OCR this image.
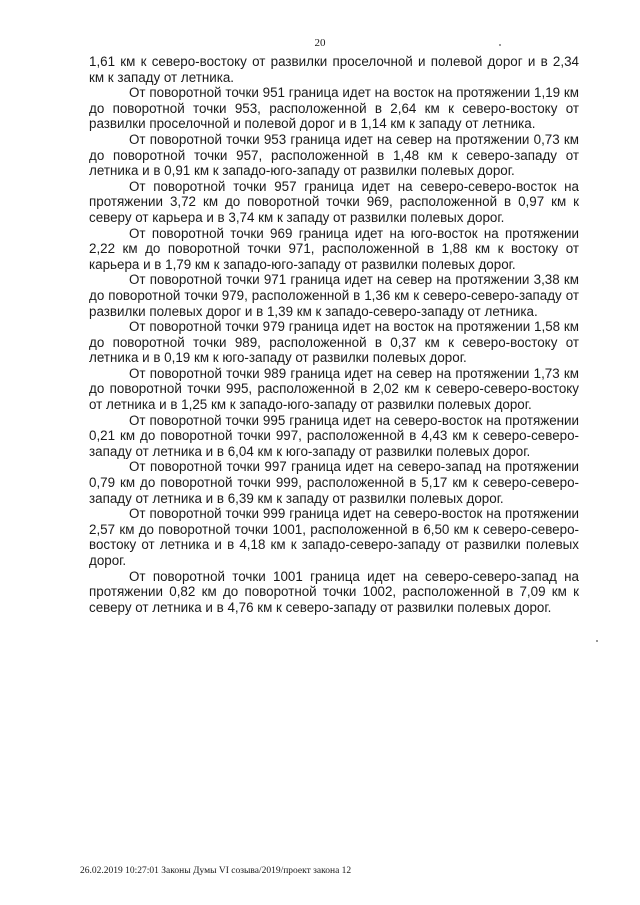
20

1,61 км к северо-востоку от развилки проселочной и полевой дорог и в 2,34 км к западу от летника.

От поворотной точки 951 граница идет на восток на протяжении 1,19 км до поворотной точки 953, расположенной в 2,64 км к северо-востоку от развилки проселочной и полевой дорог и в 1,14 км к западу от летника.

От поворотной точки 953 граница идет на север на протяжении 0,73 км до поворотной точки 957, расположенной в 1,48 км к северо-западу от летника и в 0,91 км к западо-юго-западу от развилки полевых дорог.

От поворотной точки 957 граница идет на северо-северо-восток на протяжении 3,72 км до поворотной точки 969, расположенной в 0,97 км к северу от карьера и в 3,74 км к западу от развилки полевых дорог.

От поворотной точки 969 граница идет на юго-восток на протяжении 2,22 км до поворотной точки 971, расположенной в 1,88 км к востоку от карьера и в 1,79 км к западо-юго-западу от развилки полевых дорог.

От поворотной точки 971 граница идет на север на протяжении 3,38 км до поворотной точки 979, расположенной в 1,36 км к северо-северо-западу от развилки полевых дорог и в 1,39 км к западо-северо-западу от летника.

От поворотной точки 979 граница идет на восток на протяжении 1,58 км до поворотной точки 989, расположенной в 0,37 км к северо-востоку от летника и в 0,19 км к юго-западу от развилки полевых дорог.

От поворотной точки 989 граница идет на север на протяжении 1,73 км до поворотной точки 995, расположенной в 2,02 км к северо-северо-востоку от летника и в 1,25 км к западо-юго-западу от развилки полевых дорог.

От поворотной точки 995 граница идет на северо-восток на протяжении 0,21 км до поворотной точки 997, расположенной в 4,43 км к северо-северо-западу от летника и в 6,04 км к юго-западу от развилки полевых дорог.

От поворотной точки 997 граница идет на северо-запад на протяжении 0,79 км до поворотной точки 999, расположенной в 5,17 км к северо-северо-западу от летника и в 6,39 км к западу от развилки полевых дорог.

От поворотной точки 999 граница идет на северо-восток на протяжении 2,57 км до поворотной точки 1001, расположенной в 6,50 км к северо-северо-востоку от летника и в 4,18 км к западо-северо-западу от развилки полевых дорог.

От поворотной точки 1001 граница идет на северо-северо-запад на протяжении 0,82 км до поворотной точки 1002, расположенной в 7,09 км к северу от летника и в 4,76 км к северо-западу от развилки полевых дорог.

26.02.2019 10:27:01 Законы Думы VI созыва/2019/проект закона 12
